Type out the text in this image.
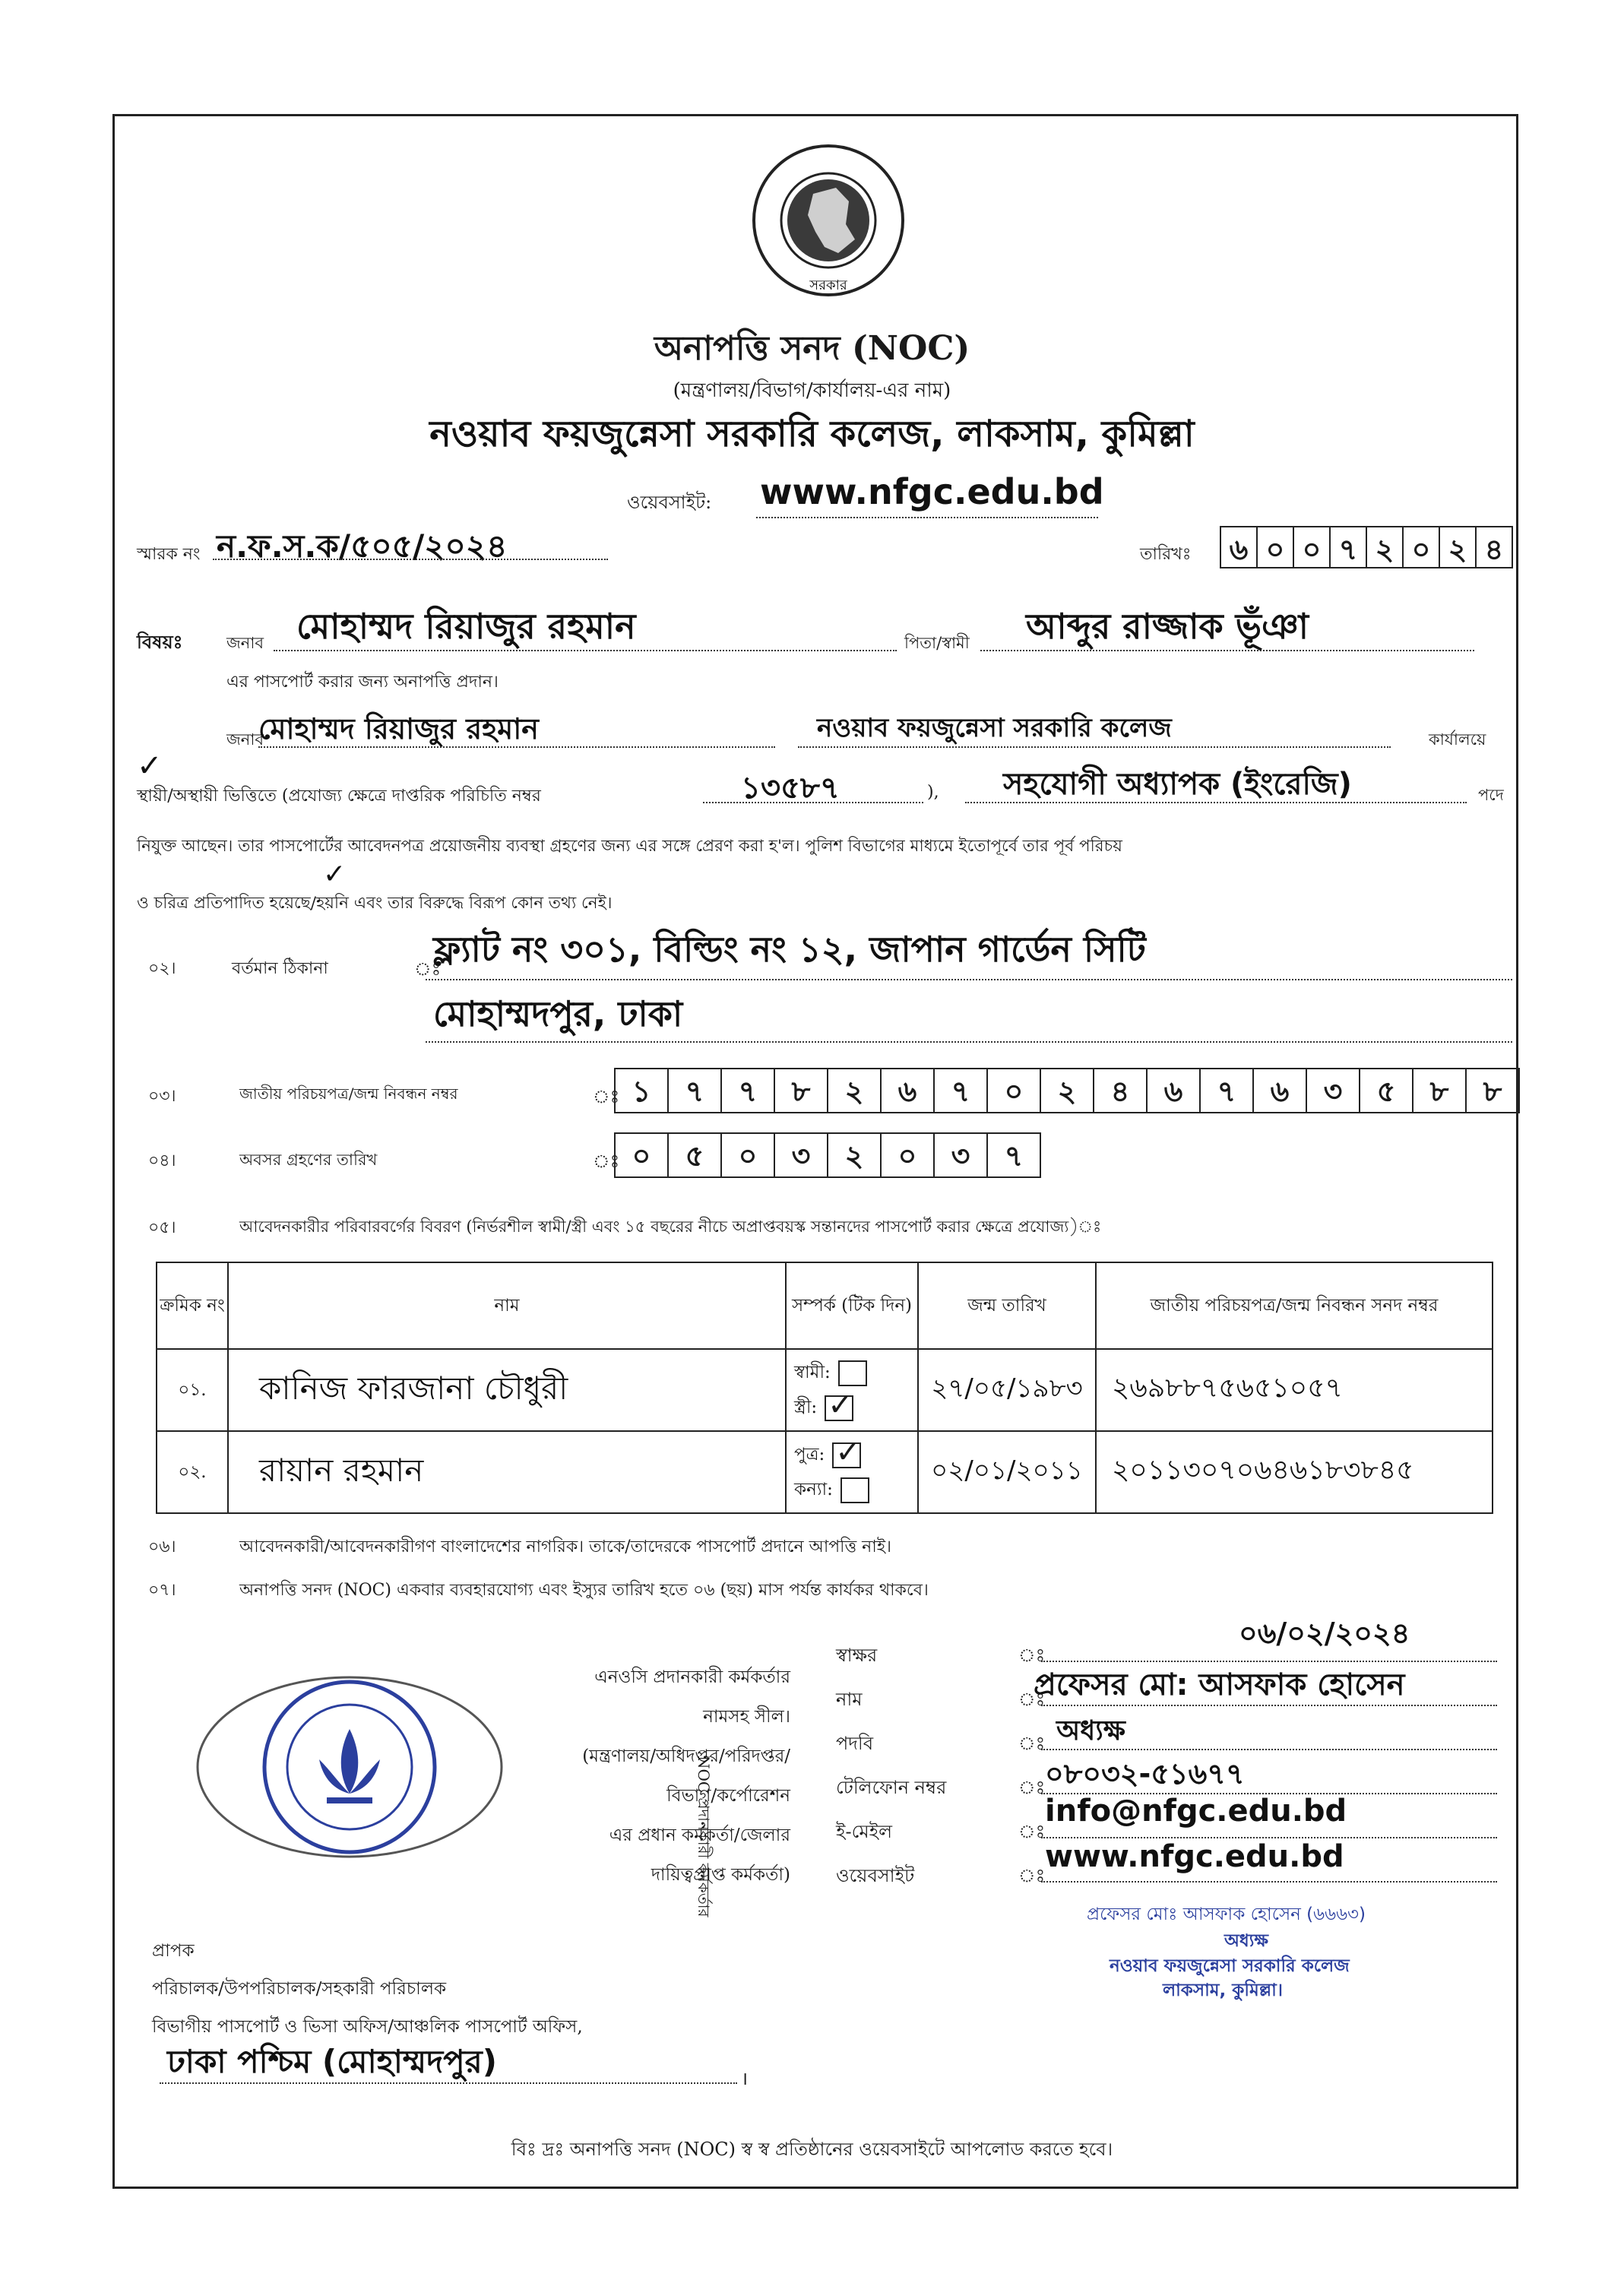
সরকার
অনাপত্তি সনদ (NOC)
(মন্ত্রণালয়/বিভাগ/কার্যালয়-এর নাম)
নওয়াব ফয়জুন্নেসা সরকারি কলেজ, লাকসাম, কুমিল্লা
ওয়েবসাইট: www.nfgc.edu.bd
স্মারক নং ন.ফ.স.ক/৫০৫/২০২৪	তারিখঃ	৬ ০ ০ ৭ ২ ০ ২ ৪
বিষয়ঃ	জনাব মোহাম্মদ রিয়াজুর রহমান	পিতা/স্বামী আব্দুর রাজ্জাক ভূঁঞা
এর পাসপোর্ট করার জন্য অনাপত্তি প্রদান।
জনাব
মোহাম্মদ রিয়াজুর রহমান	নওয়াব ফয়জুন্নেসা সরকারি কলেজ	কার্যালয়ে
✓
স্থায়ী/অস্থায়ী ভিত্তিতে (প্রযোজ্য ক্ষেত্রে দাপ্তরিক পরিচিতি নম্বর	১৩৫৮৭	), সহযোগী অধ্যাপক (ইংরেজি)	পদে
নিযুক্ত আছেন। তার পাসপোর্টের আবেদনপত্র প্রয়োজনীয় ব্যবস্থা গ্রহণের জন্য এর সঙ্গে প্রেরণ করা হ'ল। পুলিশ বিভাগের মাধ্যমে ইতোপূর্বে তার পূর্ব পরিচয়
✓
ও চরিত্র প্রতিপাদিত হয়েছে/হয়নি এবং তার বিরুদ্ধে বিরূপ কোন তথ্য নেই।
০২।	বর্তমান ঠিকানা	ঃ
ফ্ল্যাট নং ৩০১, বিল্ডিং নং ১২, জাপান গার্ডেন সিটি
মোহাম্মদপুর, ঢাকা
০৩।	জাতীয় পরিচয়পত্র/জন্ম নিবন্ধন নম্বর	ঃ ১	৭	৭	৮	২	৬	৭	০	২	৪	৬	৭	৬	৩	৫	৮	৮
০৪।	অবসর গ্রহণের তারিখ	ঃ ০	৫	০	৩	২	০	৩	৭
০৫।	আবেদনকারীর পরিবারবর্গের বিবরণ (নির্ভরশীল স্বামী/স্ত্রী এবং ১৫ বছরের নীচে অপ্রাপ্তবয়স্ক সন্তানদের পাসপোর্ট করার ক্ষেত্রে প্রযোজ্য)ঃ
ক্রমিক নং	নাম	সম্পর্ক (টিক দিন)	জন্ম তারিখ	জাতীয় পরিচয়পত্র/জন্ম নিবন্ধন সনদ নম্বর
০১.	কানিজ ফারজানা চৌধুরী	স্বামী:
স্ত্রী: ✓	২৭/০৫/১৯৮৩	২৬৯৮৮৭৫৬৫১০৫৭
০২.	রায়ান রহমান	পুত্র: ✓
কন্যা:	০২/০১/২০১১	২০১১৩০৭০৬৪৬১৮৩৮৪৫
০৬।	আবেদনকারী/আবেদনকারীগণ বাংলাদেশের নাগরিক। তাকে/তাদেরকে পাসপোর্ট প্রদানে আপত্তি নাই।
০৭।	অনাপত্তি সনদ (NOC) একবার ব্যবহারযোগ্য এবং ইস্যুর তারিখ হতে ০৬ (ছয়) মাস পর্যন্ত কার্যকর থাকবে।
এনওসি প্রদানকারী কর্মকর্তার
নামসহ সীল।
(মন্ত্রণালয়/অধিদপ্তর/পরিদপ্তর/
বিভাগ/কর্পোরেশন
এর প্রধান কর্মকর্তা/জেলার
দায়িত্বপ্রাপ্ত কর্মকর্তা)
NOC প্রদানকারী কর্মকর্তার
স্বাক্ষর	ঃ
০৬/০২/২০২৪
নাম	ঃ
প্রফেসর মো: আসফাক হোসেন
পদবি	ঃ অধ্যক্ষ
টেলিফোন নম্বর	ঃ ০৮০৩২-৫১৬৭৭
ই-মেইল	ঃ
info@nfgc.edu.bd
ওয়েবসাইট	ঃ
www.nfgc.edu.bd
প্রফেসর মোঃ আসফাক হোসেন (৬৬৬৩)
অধ্যক্ষ
নওয়াব ফয়জুন্নেসা সরকারি কলেজ
লাকসাম, কুমিল্লা।
প্রাপক
পরিচালক/উপপরিচালক/সহকারী পরিচালক
বিভাগীয় পাসপোর্ট ও ভিসা অফিস/আঞ্চলিক পাসপোর্ট অফিস,
ঢাকা পশ্চিম (মোহাম্মদপুর)	।
বিঃ দ্রঃ অনাপত্তি সনদ (NOC) স্ব স্ব প্রতিষ্ঠানের ওয়েবসাইটে আপলোড করতে হবে।
